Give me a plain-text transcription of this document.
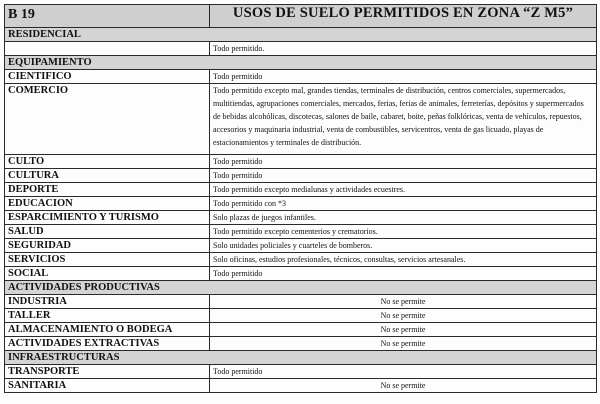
B 19	USOS DE SUELO PERMITIDOS EN ZONA “Z M5”
RESIDENCIAL	
	Todo permitido.
EQUIPAMIENTO	
CIENTIFICO	Todo permitido
COMERCIO	Todo permitido excepto mal, grandes tiendas, terminales de distribución, centros comerciales, supermercados, multitiendas, agrupaciones comerciales, mercados, ferias, ferias de animales, ferreterías, depósitos y supermercados de bebidas alcohólicas, discotecas, salones de baile, cabaret, boite, peñas folklóricas, venta de vehículos, repuestos, accesorios y maquinaria industrial, venta de combustibles, servicentros, venta de gas licuado, playas de estacionamientos y terminales de distribución.
CULTO	Todo permitido
CULTURA	Todo permitido
DEPORTE	Todo permitido excepto medialunas y actividades ecuestres.
EDUCACION	Todo permitido con *3
ESPARCIMIENTO Y TURISMO	Solo plazas de juegos infantiles.
SALUD	Todo permitido excepto cementerios y crematorios.
SEGURIDAD	Solo unidades policiales y cuarteles de bomberos.
SERVICIOS	Solo oficinas, estudios profesionales, técnicos, consultas, servicios artesanales.
SOCIAL	Todo permitido
ACTIVIDADES PRODUCTIVAS	
INDUSTRIA	No se permite
TALLER	No se permite
ALMACENAMIENTO O BODEGA	No se permite
ACTIVIDADES EXTRACTIVAS	No se permite
INFRAESTRUCTURAS	
TRANSPORTE	Todo permitido
SANITARIA	No se permite
